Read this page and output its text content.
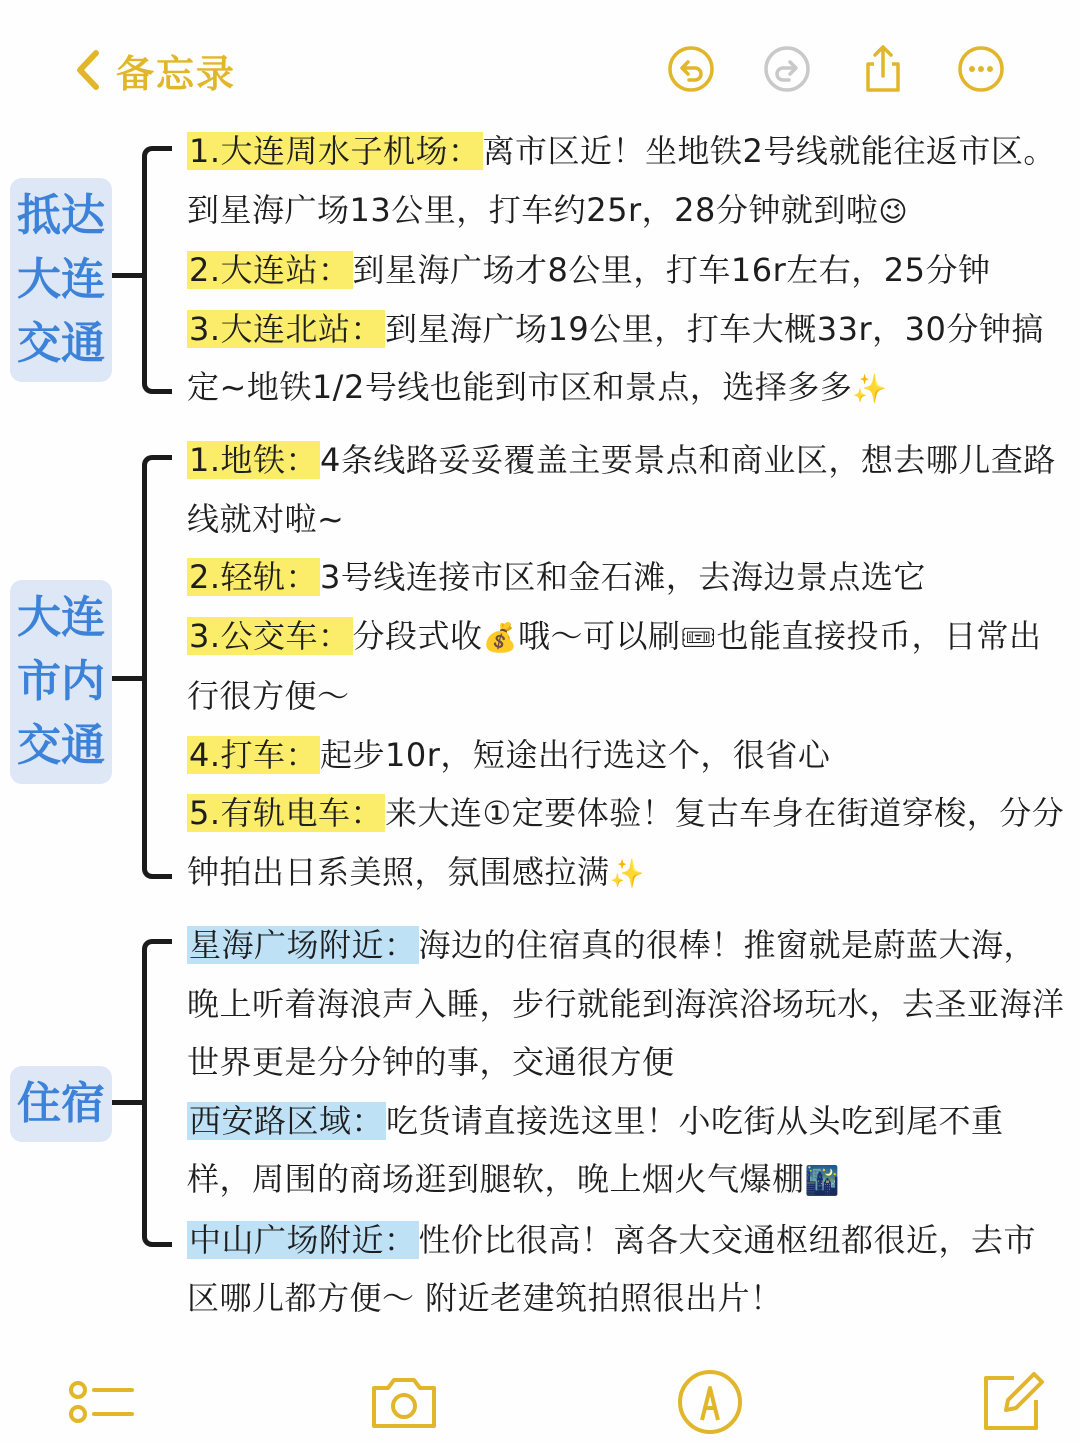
备忘录
抵达
大连
交通
1.大连周水子机场：离市区近！坐地铁2号线就能往返市区。到星海广场13公里，打车约25r，28分钟就到啦😉
2.大连站：到星海广场才8公里，打车16r左右，25分钟
3.大连北站：到星海广场19公里，打车大概33r，30分钟搞定~地铁1/2号线也能到市区和景点，选择多多✨
大连
市内
交通
1.地铁：4条线路妥妥覆盖主要景点和商业区，想去哪儿查路线就对啦~
2.轻轨：3号线连接市区和金石滩，去海边景点选它
3.公交车：分段式收💰哦～可以刷🎟也能直接投币，日常出行很方便～
4.打车：起步10r，短途出行选这个，很省心
5.有轨电车：来大连①定要体验！复古车身在街道穿梭，分分钟拍出日系美照，氛围感拉满✨
住宿
星海广场附近：海边的住宿真的很棒！推窗就是蔚蓝大海，晚上听着海浪声入睡，步行就能到海滨浴场玩水，去圣亚海洋世界更是分分钟的事，交通很方便
西安路区域：吃货请直接选这里！小吃街从头吃到尾不重样，周围的商场逛到腿软，晚上烟火气爆棚🌃
中山广场附近：性价比很高！离各大交通枢纽都很近，去市区哪儿都方便～ 附近老建筑拍照很出片！
